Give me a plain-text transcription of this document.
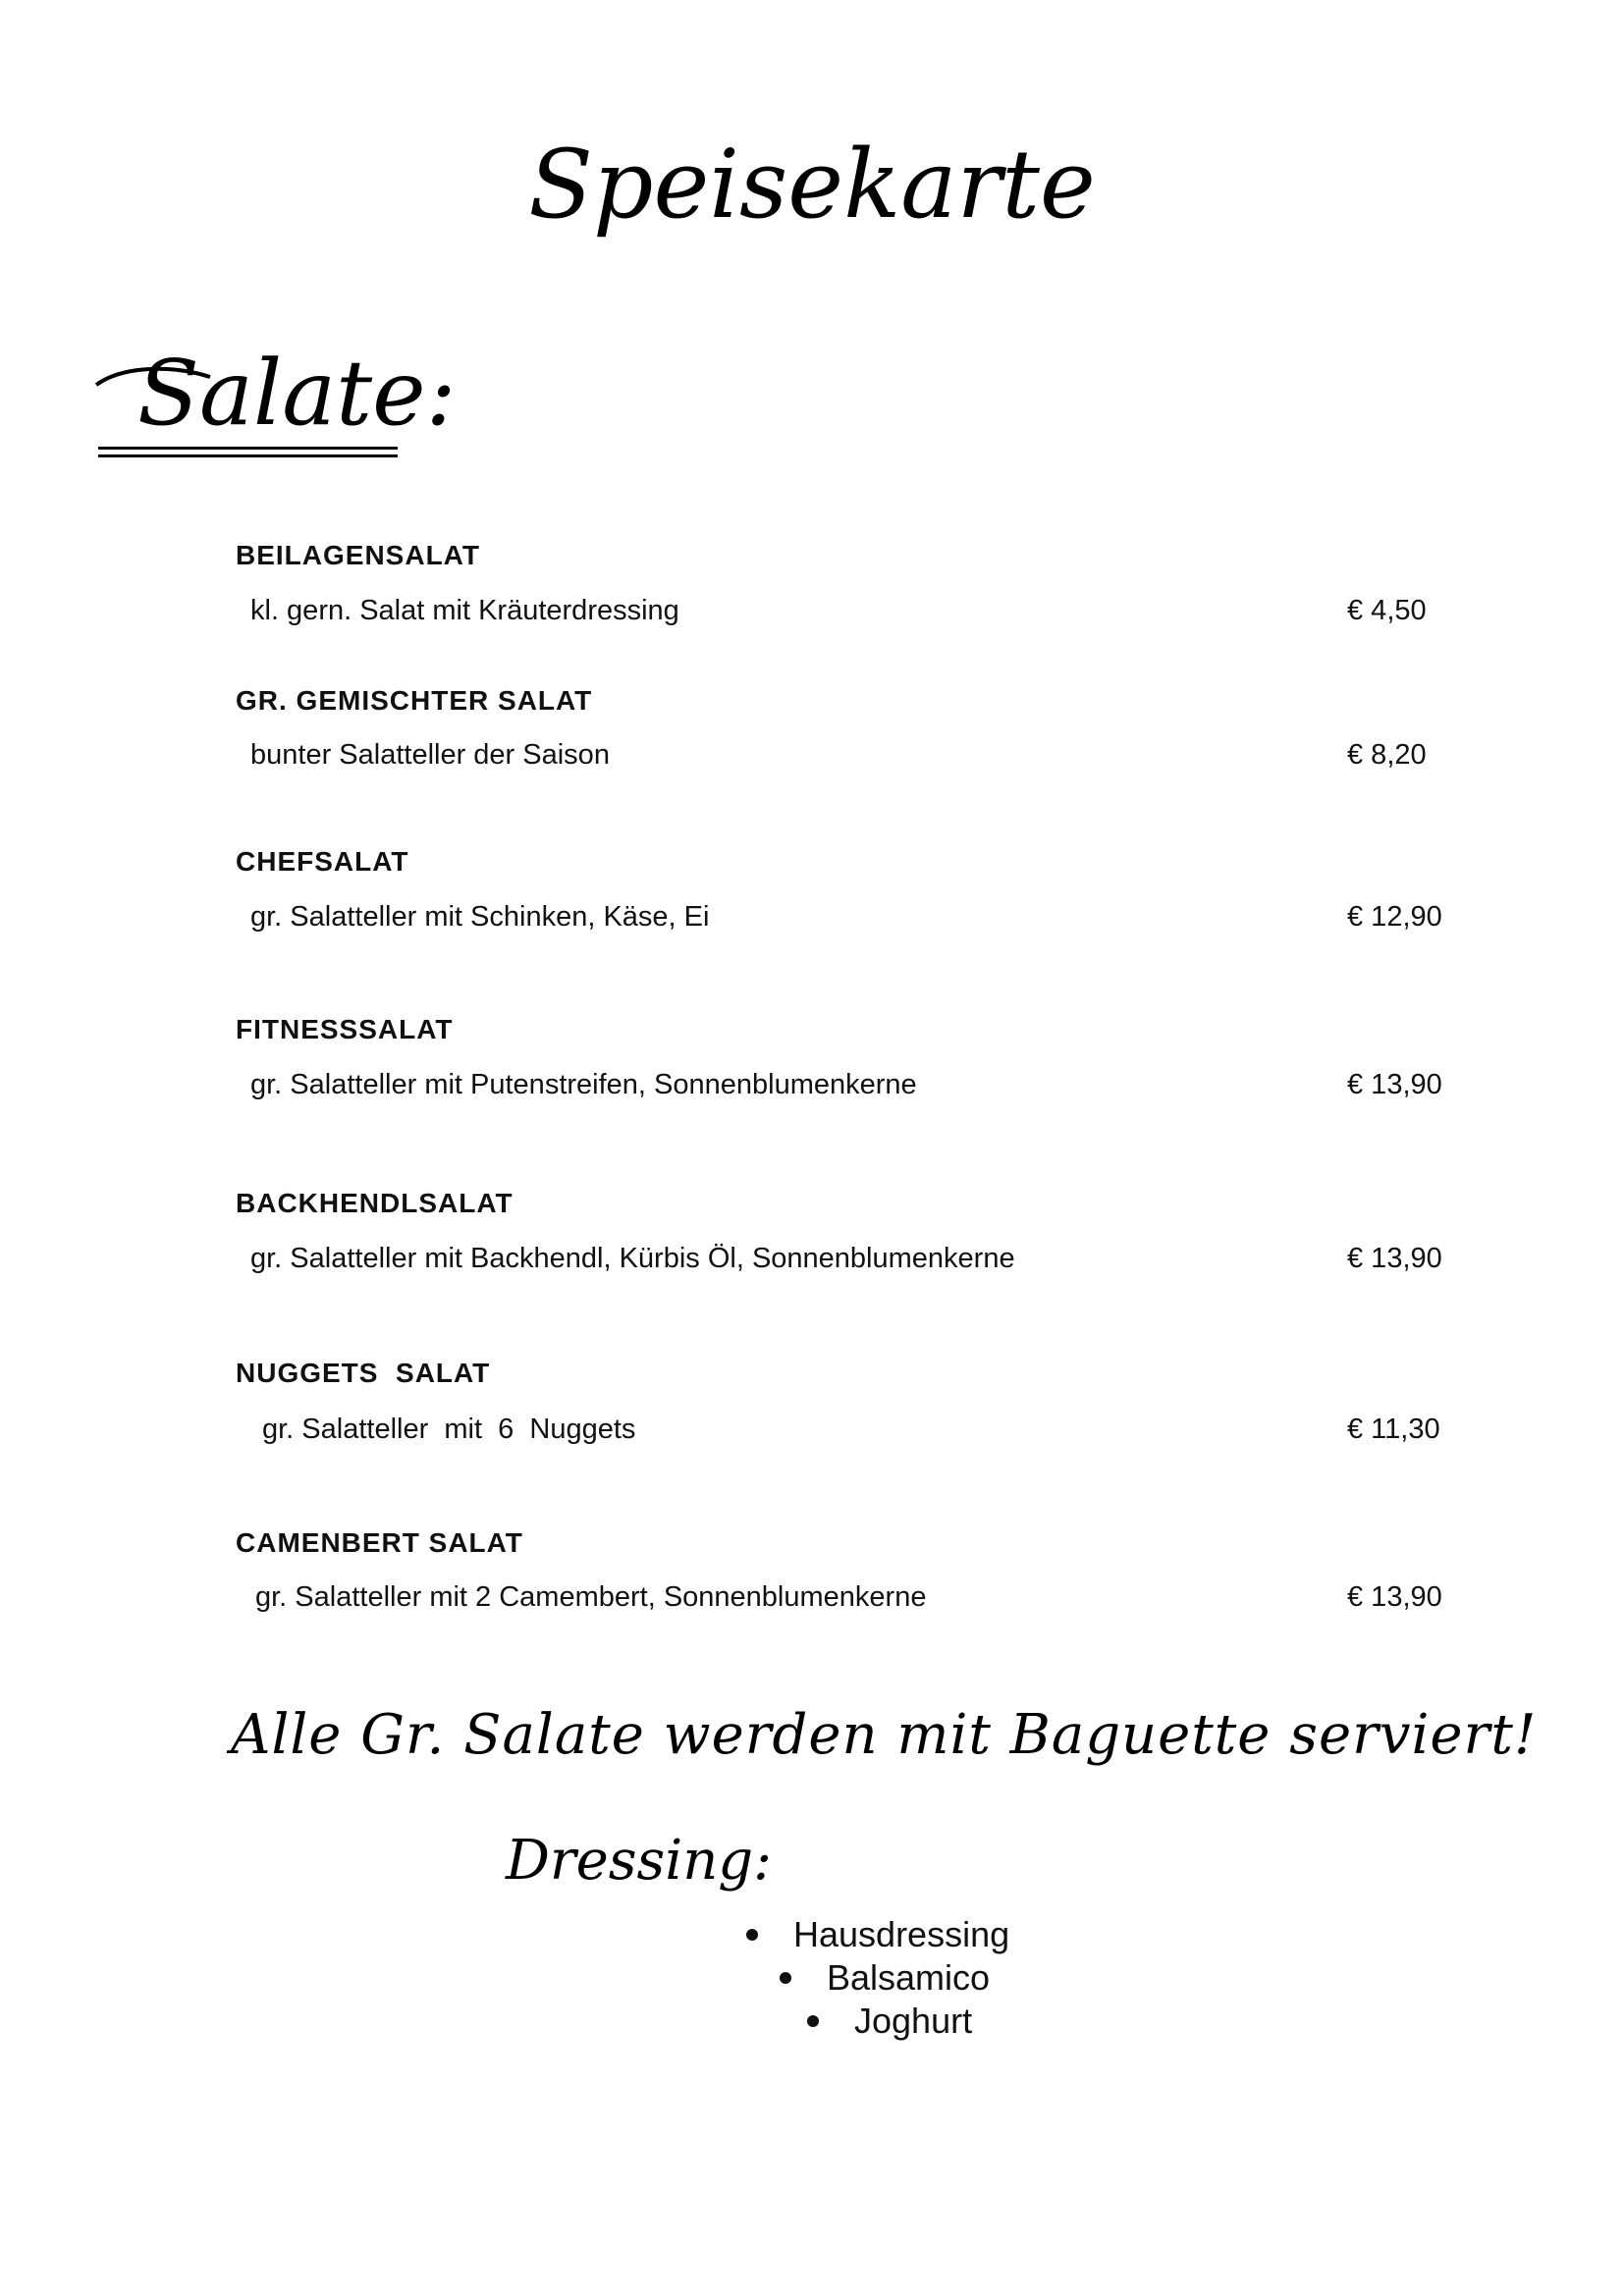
Speisekarte
Salate:
BEILAGENSALAT
kl. gern. Salat mit Kräuterdressing	€ 4,50
GR. GEMISCHTER SALAT
bunter Salatteller der Saison	€ 8,20
CHEFSALAT
gr. Salatteller mit Schinken, Käse, Ei	€ 12,90
FITNESSSALAT
gr. Salatteller mit Putenstreifen, Sonnenblumenkerne	€ 13,90
BACKHENDLSALAT
gr. Salatteller mit Backhendl, Kürbis Öl, Sonnenblumenkerne	€ 13,90
NUGGETS  SALAT
gr. Salatteller  mit  6  Nuggets	€ 11,30
CAMENBERT SALAT
gr. Salatteller mit 2 Camembert, Sonnenblumenkerne	€ 13,90
Alle Gr. Salate werden mit Baguette serviert!
Dressing:
Hausdressing
Balsamico
Joghurt
